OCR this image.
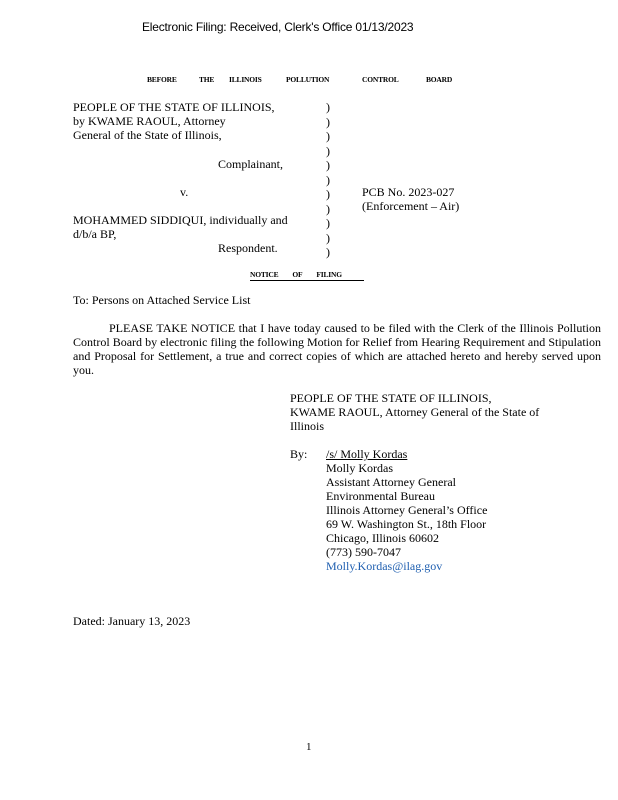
Electronic Filing: Received, Clerk's Office 01/13/2023
BEFORE	THE ILLINOIS	POLLUTION	CONTROL	BOARD
PEOPLE OF THE STATE OF ILLINOIS,
by KWAME RAOUL, Attorney
General of the State of Illinois,
Complainant,
v.
MOHAMMED SIDDIQUI, individually and
d/b/a BP,
Respondent.
)
)
)
)
)
)
)
)
)
)
)
PCB No. 2023-027
(Enforcement – Air)
NOTICE OF FILING
To: Persons on Attached Service List
PLEASE TAKE NOTICE that I have today caused to be filed with the Clerk of the Illinois Pollution Control Board by electronic filing the following Motion for Relief from Hearing Requirement and Stipulation and Proposal for Settlement, a true and correct copies of which are attached hereto and hereby served upon you.
PEOPLE OF THE STATE OF ILLINOIS,
KWAME RAOUL, Attorney General of the State of
Illinois
By: /s/ Molly Kordas
Molly Kordas
Assistant Attorney General
Environmental Bureau
Illinois Attorney General’s Office
69 W. Washington St., 18th Floor
Chicago, Illinois 60602
(773) 590-7047
Molly.Kordas@ilag.gov
Dated: January 13, 2023
1
